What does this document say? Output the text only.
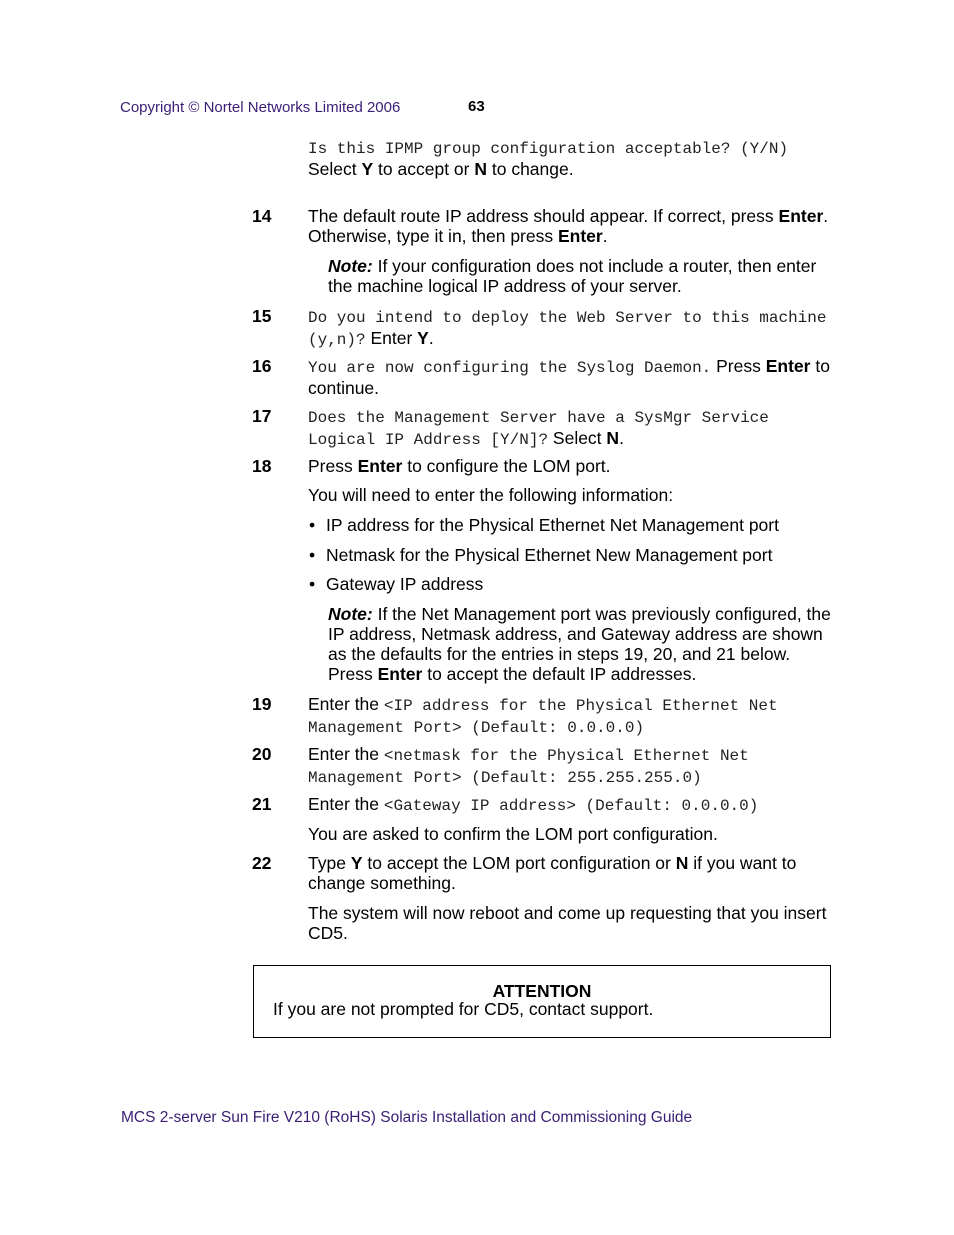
Copyright © Nortel Networks Limited 2006	63
Is this IPMP group configuration acceptable? (Y/N)
Select Y to accept or N to change.
14 The default route IP address should appear. If correct, press Enter. Otherwise, type it in, then press Enter.
Note: If your configuration does not include a router, then enter the machine logical IP address of your server.
15 Do you intend to deploy the Web Server to this machine (y,n)? Enter Y.
16 You are now configuring the Syslog Daemon. Press Enter to continue.
17 Does the Management Server have a SysMgr Service Logical IP Address [Y/N]? Select N.
18 Press Enter to configure the LOM port.
You will need to enter the following information:
• IP address for the Physical Ethernet Net Management port
• Netmask for the Physical Ethernet New Management port
• Gateway IP address
Note: If the Net Management port was previously configured, the IP address, Netmask address, and Gateway address are shown as the defaults for the entries in steps 19, 20, and 21 below. Press Enter to accept the default IP addresses.
19 Enter the <IP address for the Physical Ethernet Net Management Port> (Default: 0.0.0.0)
20 Enter the <netmask for the Physical Ethernet Net Management Port> (Default: 255.255.255.0)
21 Enter the <Gateway IP address> (Default: 0.0.0.0)
You are asked to confirm the LOM port configuration.
22 Type Y to accept the LOM port configuration or N if you want to change something.
The system will now reboot and come up requesting that you insert CD5.
ATTENTION
If you are not prompted for CD5, contact support.
MCS 2-server Sun Fire V210 (RoHS) Solaris Installation and Commissioning Guide
